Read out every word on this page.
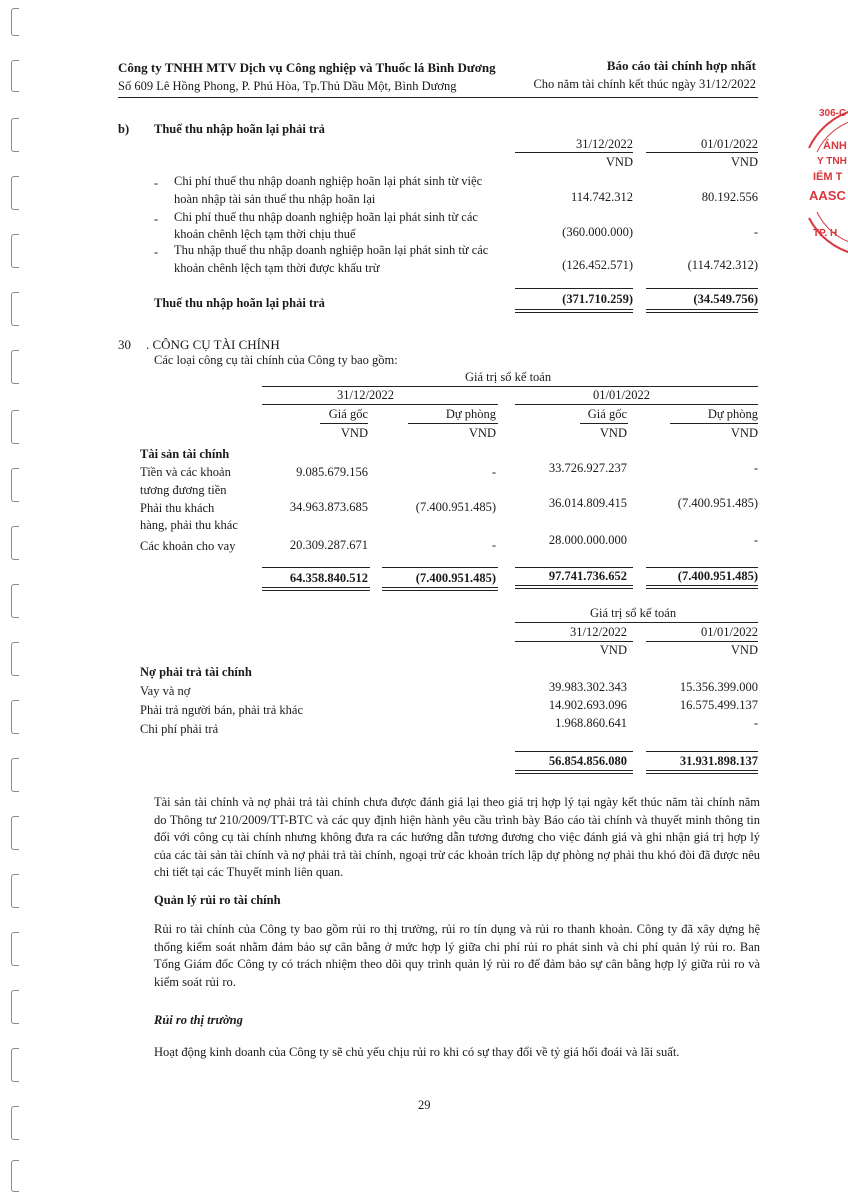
Công ty TNHH MTV Dịch vụ Công nghiệp và Thuốc lá Bình Dương
Số 609 Lê Hồng Phong, P. Phú Hòa, Tp.Thủ Dầu Một, Bình Dương
Báo cáo tài chính hợp nhất
Cho năm tài chính kết thúc ngày 31/12/2022
306-C
ÁNH
Y TNH
IỂM T
AASC
TP. H
b) Thuế thu nhập hoãn lại phải trả
31/12/2022	01/01/2022
VND	VND
- Chi phí thuế thu nhập doanh nghiệp hoãn lại phát sinh từ việc
hoàn nhập tài sản thuế thu nhập hoãn lại	114.742.312	80.192.556
- Chi phí thuế thu nhập doanh nghiệp hoãn lại phát sinh từ các
khoản chênh lệch tạm thời chịu thuế	(360.000.000)	-
- Thu nhập thuế thu nhập doanh nghiệp hoãn lại phát sinh từ các
khoản chênh lệch tạm thời được khấu trừ	(126.452.571)	(114.742.312)
Thuế thu nhập hoãn lại phải trả	(371.710.259)	(34.549.756)
30 . CÔNG CỤ TÀI CHÍNH
Các loại công cụ tài chính của Công ty bao gồm:
Giá trị sổ kế toán
31/12/2022	01/01/2022
Giá gốc	Dự phòng	Giá gốc	Dự phòng
VND	VND	VND	VND
Tài sản tài chính
Tiền và các khoản
tương đương tiền
9.085.679.156	-	33.726.927.237	-
Phải thu khách
hàng, phải thu khác
34.963.873.685	(7.400.951.485)	36.014.809.415	(7.400.951.485)
Các khoản cho vay	20.309.287.671	-	28.000.000.000	-
64.358.840.512	(7.400.951.485)	97.741.736.652	(7.400.951.485)
Giá trị sổ kế toán
31/12/2022	01/01/2022
VND	VND
Nợ phải trả tài chính
Vay và nợ	39.983.302.343	15.356.399.000
Phải trả người bán, phải trả khác	14.902.693.096	16.575.499.137
Chi phí phải trả	1.968.860.641	-
56.854.856.080	31.931.898.137
Tài sản tài chính và nợ phải trả tài chính chưa được đánh giá lại theo giá trị hợp lý tại ngày kết thúc năm tài chính năm do Thông tư 210/2009/TT-BTC và các quy định hiện hành yêu cầu trình bày Báo cáo tài chính và thuyết minh thông tin đối với công cụ tài chính nhưng không đưa ra các hướng dẫn tương đương cho việc đánh giá và ghi nhận giá trị hợp lý của các tài sản tài chính và nợ phải trả tài chính, ngoại trừ các khoản trích lập dự phòng nợ phải thu khó đòi đã được nêu chi tiết tại các Thuyết minh liên quan.
Quản lý rủi ro tài chính
Rủi ro tài chính của Công ty bao gồm rủi ro thị trường, rủi ro tín dụng và rủi ro thanh khoản. Công ty đã xây dựng hệ thống kiểm soát nhằm đảm bảo sự cân bằng ở mức hợp lý giữa chi phí rủi ro phát sinh và chi phí quản lý rủi ro. Ban Tổng Giám đốc Công ty có trách nhiệm theo dõi quy trình quản lý rủi ro để đảm bảo sự cân bằng hợp lý giữa rủi ro và kiểm soát rủi ro.
Rủi ro thị trường
Hoạt động kinh doanh của Công ty sẽ chủ yếu chịu rủi ro khi có sự thay đổi về tỷ giá hối đoái và lãi suất.
29
